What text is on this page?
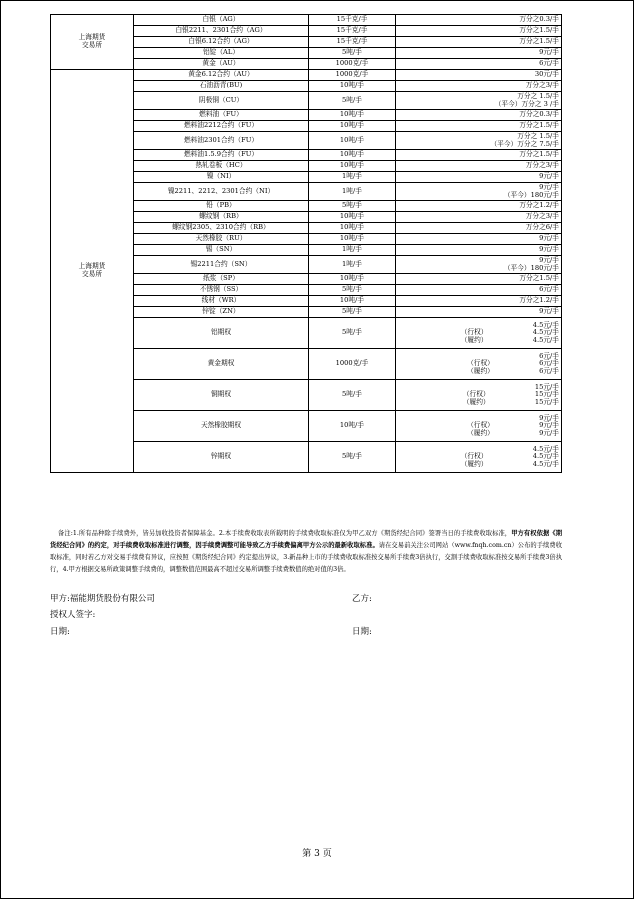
上海期货
交易所	白银（AG）	15千克/手	万分之0.3/手

	白银2211、2301合约（AG）	15千克/手	万分之1.5/手

	白银6.12合约（AG）	15千克/手	万分之1.5/手

	铝锭（AL）	5吨/手	9元/手

	黄金（AU）	1000克/手	6元/手

上海期货
交易所	黄金6.12合约（AU）	1000克/手	30元/手

	石油沥青(BU)	10吨/手	万分之3/手

	阴极铜（CU）	5吨/手	万分之 1.5/手
（平今）万分之 3 /手

	燃料油（FU）	10吨/手	万分之0.3/手

	燃料油2212合约（FU）	10吨/手	万分之1.5/手

	燃料油2301合约（FU）	10吨/手	万分之 1.5/手
（平今）万分之 7.5/手

	燃料油1.5.9合约（FU）	10吨/手	万分之1.5/手

	热轧卷板（HC）	10吨/手	万分之3/手

	镍（NI）	1吨/手	9元/手

	镍2211、2212、2301合约（NI）	1吨/手	9元/手
（平今）180元/手

	铅（PB）	5吨/手	万分之1.2/手

	螺纹钢（RB）	10吨/手	万分之3/手

	螺纹钢2305、2310合约（RB）	10吨/手	万分之6/手

	天然橡胶（RU）	10吨/手	9元/手

	锡（SN）	1吨/手	9元/手

	锡2211合约（SN）	1吨/手	9元/手
（平今）180元/手

	纸浆（SP）	10吨/手	万分之1.5/手

	不锈钢（SS）	5吨/手	6元/手

	线材（WR）	10吨/手	万分之1.2/手

	锌锭（ZN）	5吨/手	9元/手

	铝期权	5吨/手	4.5元/手
（行权） 4.5元/手
（履约） 4.5元/手

	黄金期权	1000克/手	6元/手
（行权） 6元/手
（履约） 6元/手

	铜期权	5吨/手	15元/手
（行权） 15元/手
（履约） 15元/手

	天然橡胶期权	10吨/手	9元/手
（行权） 9元/手
（履约） 9元/手

	锌期权	5吨/手	4.5元/手
（行权） 4.5元/手
（履约） 4.5元/手
备注:1.所有品种除手续费外，皆另加收投资者保障基金。2.本手续费收取表所载明的手续费收取标准仅为甲乙双方《期货经纪合同》签署当日的手续费收取标准，甲方有权依据《期货经纪合同》的约定，对手续费收取标准进行调整，因手续费调整可能导致乙方手续费偏离甲方公示的最新收取标准。请在交易前关注公司网站（www.fnqh.com.cn）公布的手续费收取标准，同时若乙方对交易手续费有异议，应按照《期货经纪合同》约定提出异议，3.新品种上市的手续费收取标准按交易所手续费3倍执行，交割手续费收取标准按交易所手续费3倍执行，4.甲方根据交易所政策调整手续费的，调整数值范围最高不超过交易所调整手续费数值的绝对值的3倍。
甲方:福能期货股份有限公司	乙方:
授权人签字:
日期:	日期:
第 3 页
